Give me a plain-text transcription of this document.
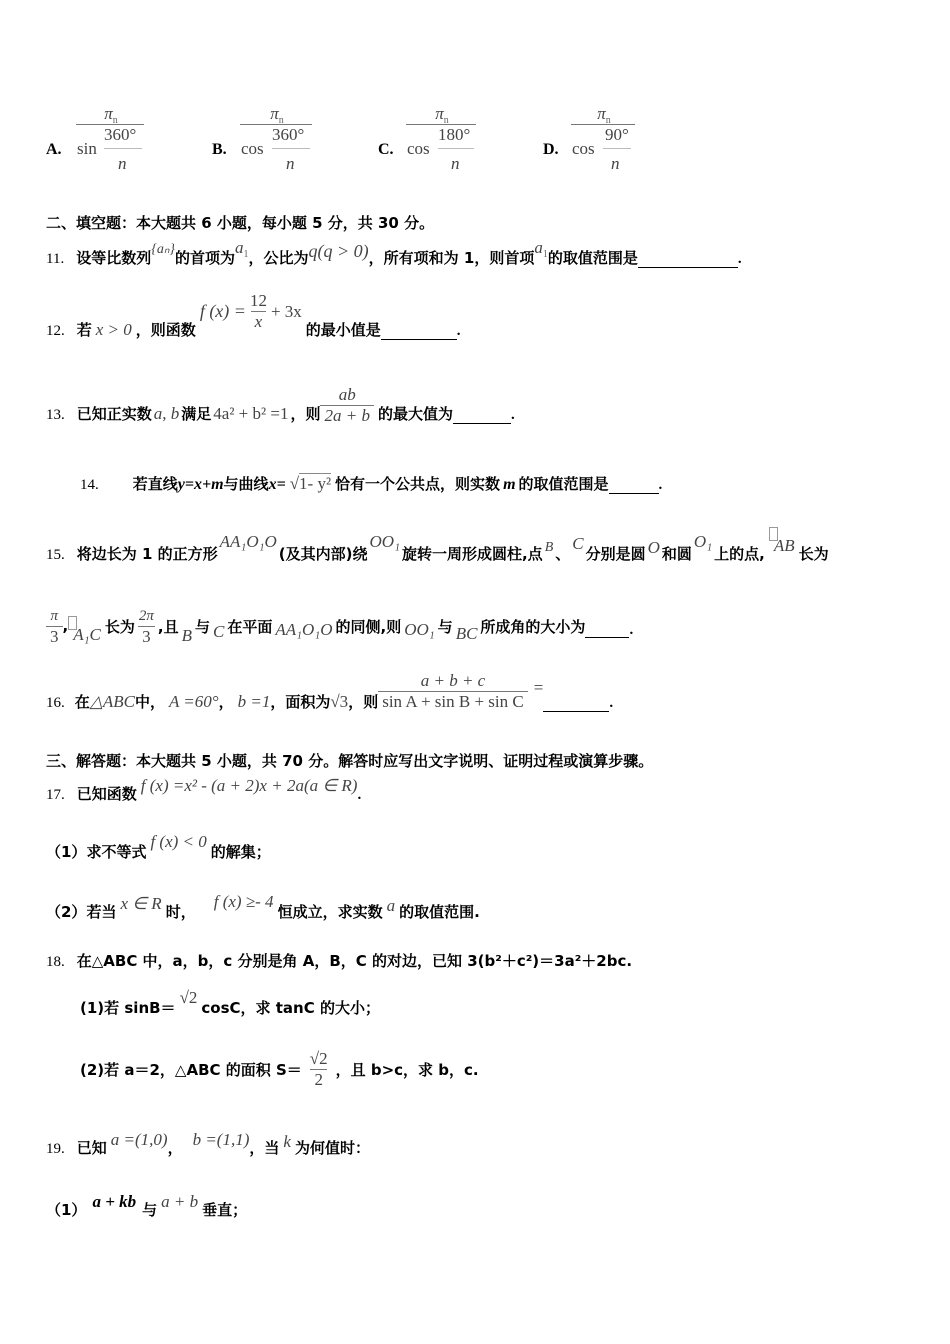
A.
$\pi_n$
sin
360°
n
B.
$\pi_n$
cos
360°
n
C.
$\pi_n$
cos
180°
n
D.
$\pi_n$
cos
90°
n
二、填空题：本大题共 6 小题，每小题 5 分，共 30 分。
11. 设等比数列 {aₙ} 的首项为
$a_1$ ，公比为 q(q > 0) ，所有项和为 1，则首项
$a_1$ 的取值范围是	.
12. 若 x > 0 ，则函数
f $(x) = \frac{12}{x} + 3x$
的最小值是	.
13. 已知正实数 a, b 满足 4a² + b² =1 ，则 $\frac{ab}{2a + b}$ 的最大值为	.
14. 若直线 y=x+m 与曲线 x= √1- y² 恰有一个公共点，则实数 m 的取值范围是	.
15. 将边长为 1 的正方形
AA₁O₁O
(及其内部)绕
OO₁
旋转一周形成圆柱,点 B 、
C
分别是圆 O 和圆
O₁
上的点, AB 长为
$\frac{\pi}{3}$ , A₁C 长为 $\frac{2\pi}{3}$ ,且 B 与 C 在平面 AA₁O₁O 的同侧,则 OO₁ 与 BC 所成角的大小为	.
16. 在 △ABC 中， A =60° ， b =1 ，面积为 √3 ，则 $\frac{a + b + c}{\text{sin A + sin B + sin C}}$ =
.
三、解答题：本大题共 5 小题，共 70 分。解答时应写出文字说明、证明过程或演算步骤。
17. 已知函数 f (x) =x² - (a + 2)x + 2a(a ∈ R) .
（1） 求不等式
f (x) < 0
的解集；
（2） 若当 x ∈ R 时，
f (x) ≥- 4
恒成立，求实数 a 的取值范围.
18. 在△ABC 中，a，b，c 分别是角 A，B，C 的对边，已知 3(b²＋c²)＝3a²＋2bc.
(1)若 sinB＝
√2
cosC，求 tanC 的大小；
(2)若 a＝2，△ABC 的面积 $S= \frac{√2}{2}$ ，且 b>c，求 b，c.
19. 已知 a =(1,0) ， b =(1,1) ，当 k 为何值时：
（1） a + kb 与 a + b 垂直；
